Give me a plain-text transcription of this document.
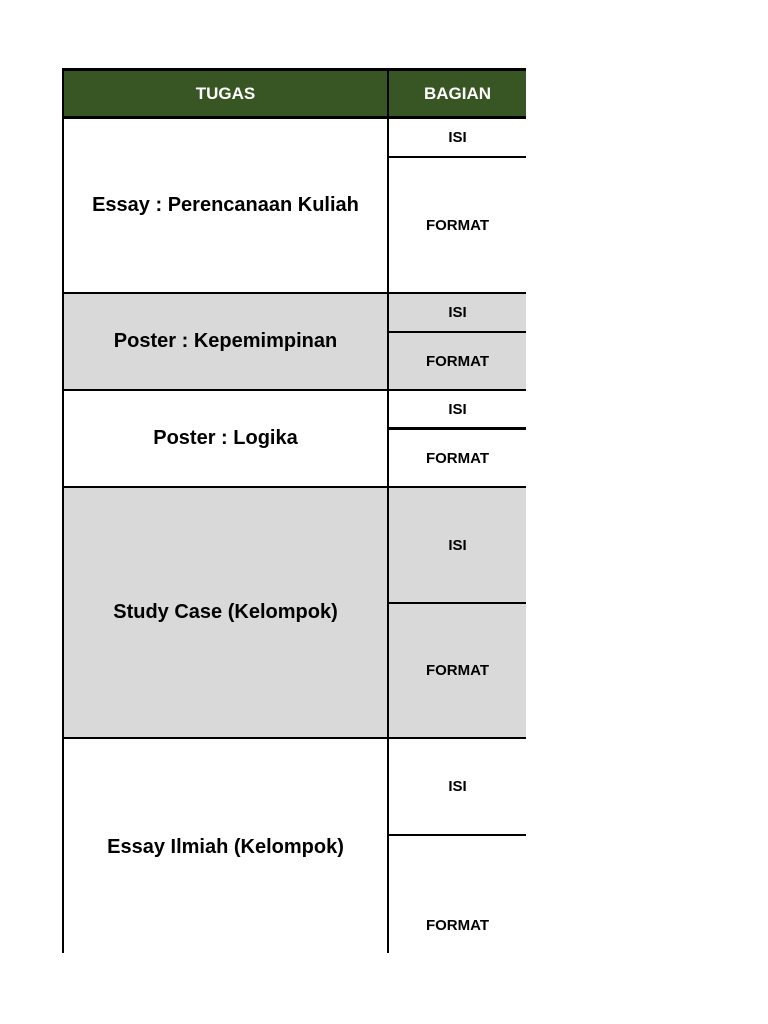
TUGAS	BAGIAN
Essay : Perencanaan Kuliah	ISI
	FORMAT
Poster : Kepemimpinan	ISI
	FORMAT
Poster : Logika	ISI
	FORMAT
Study Case (Kelompok)	ISI
	FORMAT
Essay Ilmiah (Kelompok)	ISI
	FORMAT
